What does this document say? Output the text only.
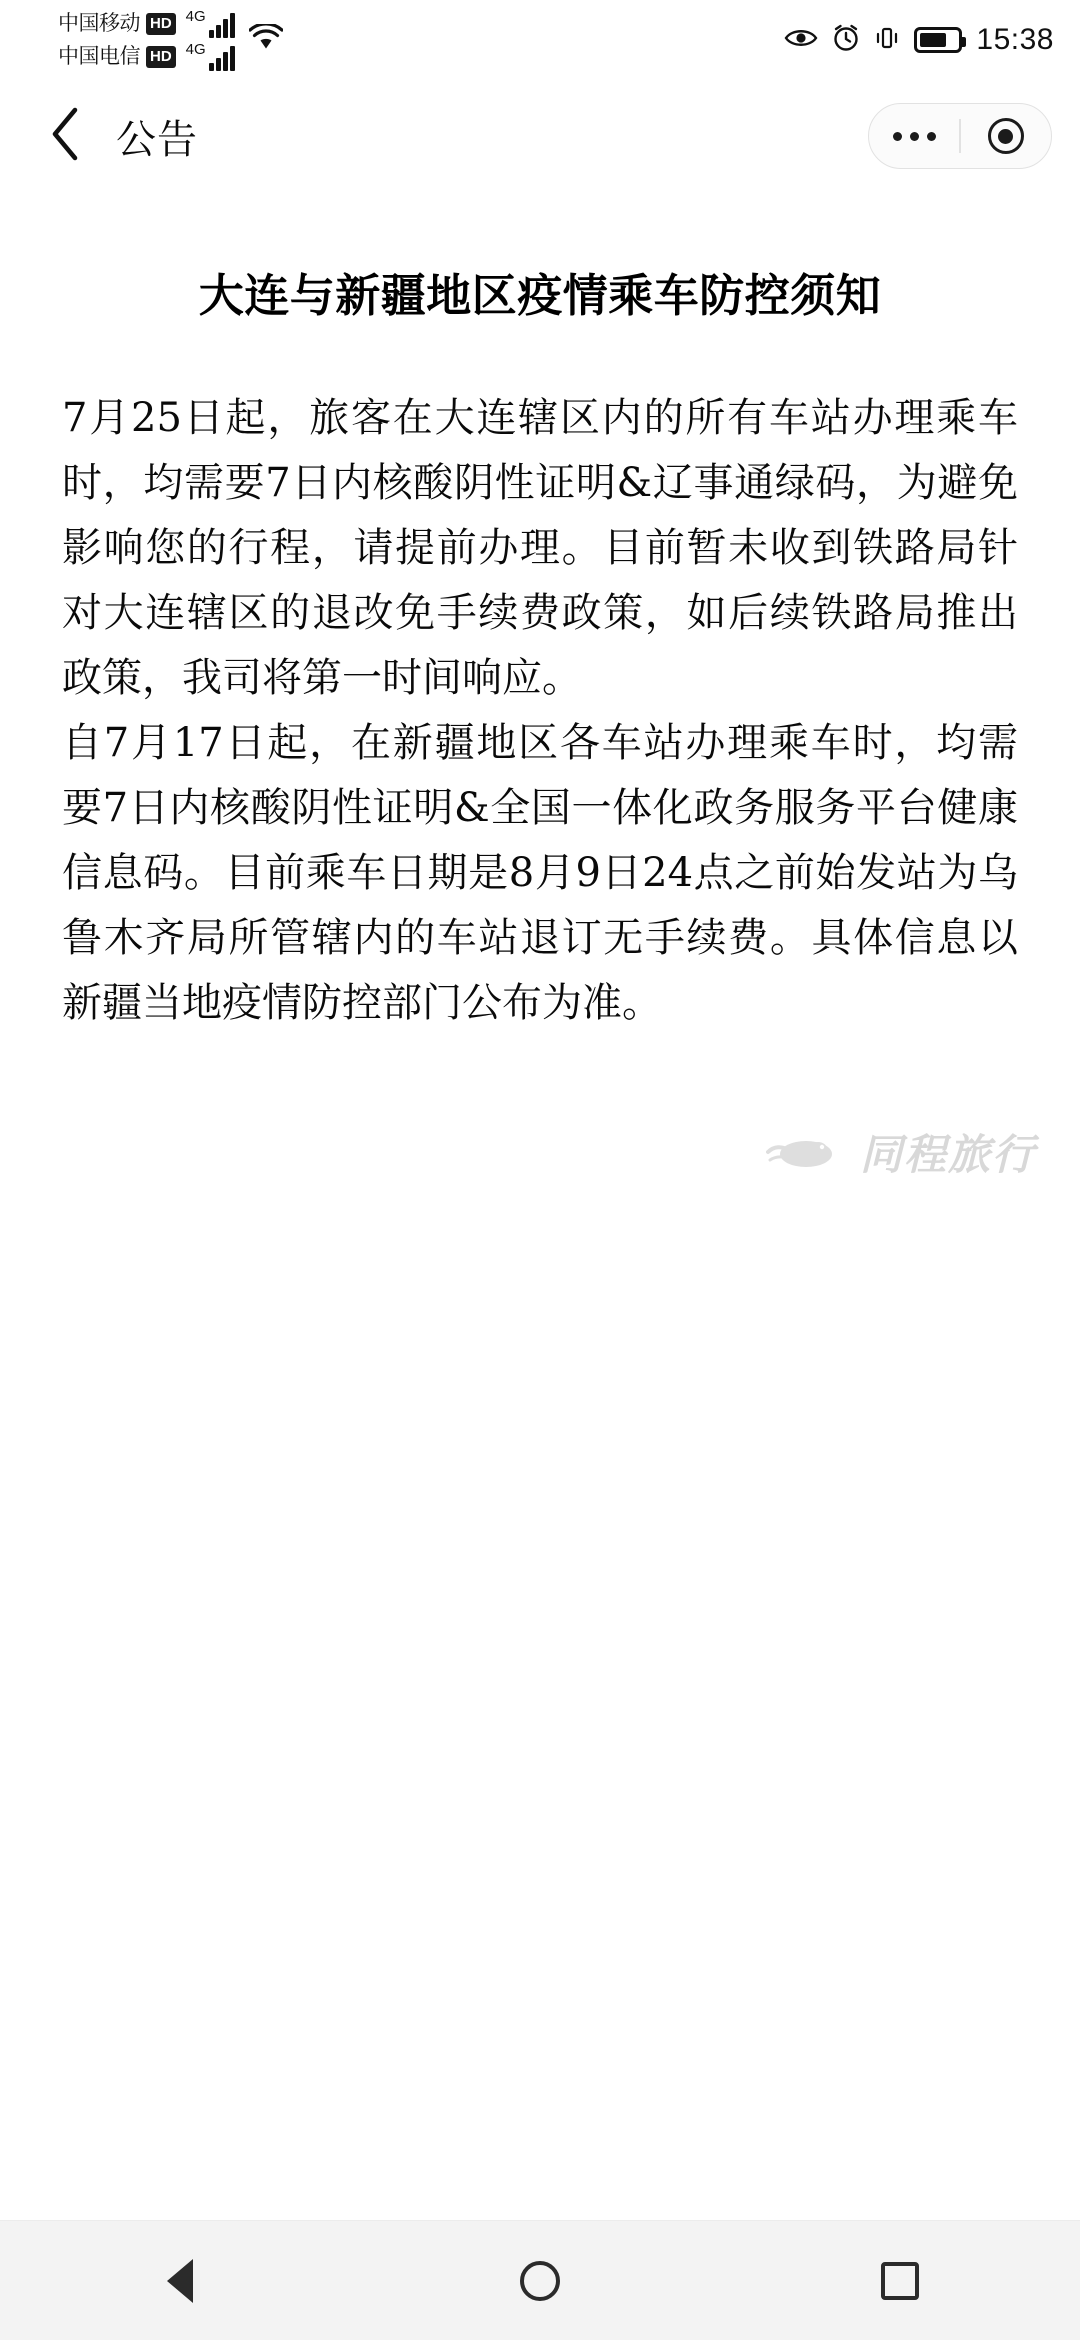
中国移动 HD 4G
中国电信 HD 4G	15:38
公告
大连与新疆地区疫情乘车防控须知

7月25日起，旅客在大连辖区内的所有车站办理乘车时，均需要7日内核酸阴性证明&辽事通绿码，为避免影响您的行程，请提前办理。目前暂未收到铁路局针对大连辖区的退改免手续费政策，如后续铁路局推出政策，我司将第一时间响应。

自7月17日起，在新疆地区各车站办理乘车时，均需要7日内核酸阴性证明&全国一体化政务服务平台健康信息码。目前乘车日期是8月9日24点之前始发站为乌鲁木齐局所管辖内的车站退订无手续费。具体信息以新疆当地疫情防控部门公布为准。

同程旅行
